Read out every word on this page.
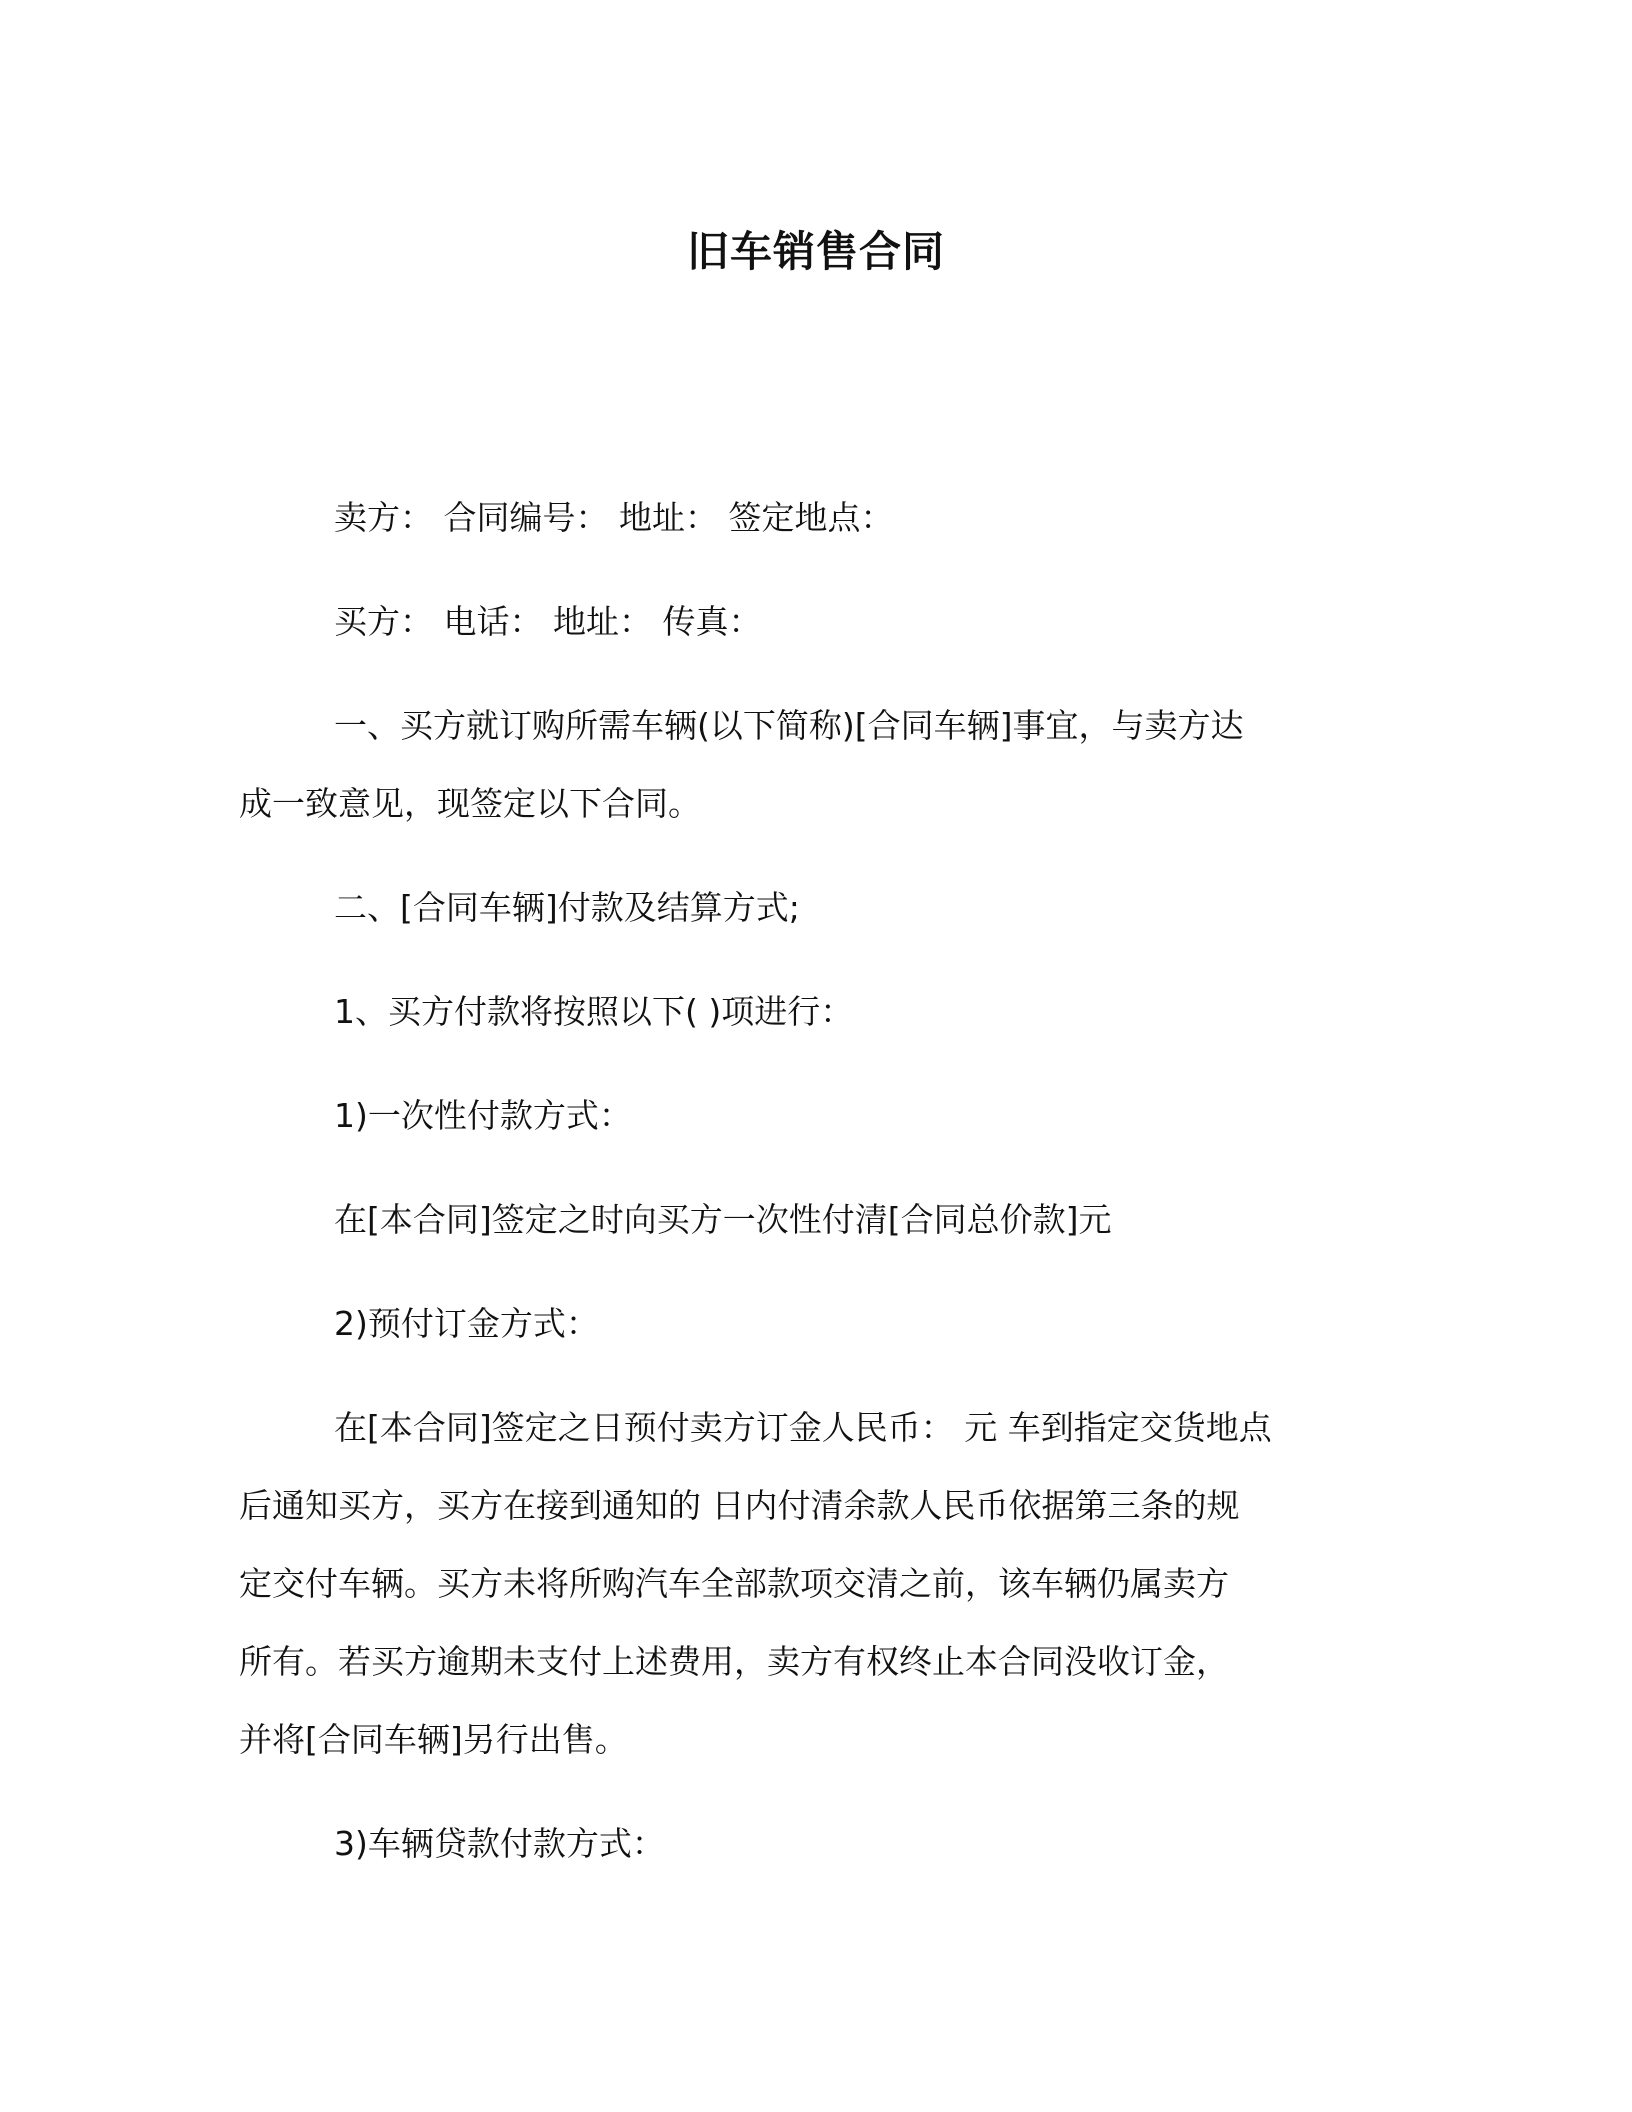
旧车销售合同
卖方： 合同编号： 地址： 签定地点：
买方： 电话： 地址： 传真：
一、买方就订购所需车辆(以下简称)[合同车辆]事宜，与卖方达
成一致意见，现签定以下合同。
二、[合同车辆]付款及结算方式;
1、买方付款将按照以下( )项进行：
1)一次性付款方式：
在[本合同]签定之时向买方一次性付清[合同总价款]元
2)预付订金方式：
在[本合同]签定之日预付卖方订金人民币： 元 车到指定交货地点
后通知买方，买方在接到通知的 日内付清余款人民币依据第三条的规
定交付车辆。买方未将所购汽车全部款项交清之前，该车辆仍属卖方
所有。若买方逾期未支付上述费用，卖方有权终止本合同没收订金，
并将[合同车辆]另行出售。
3)车辆贷款付款方式：
